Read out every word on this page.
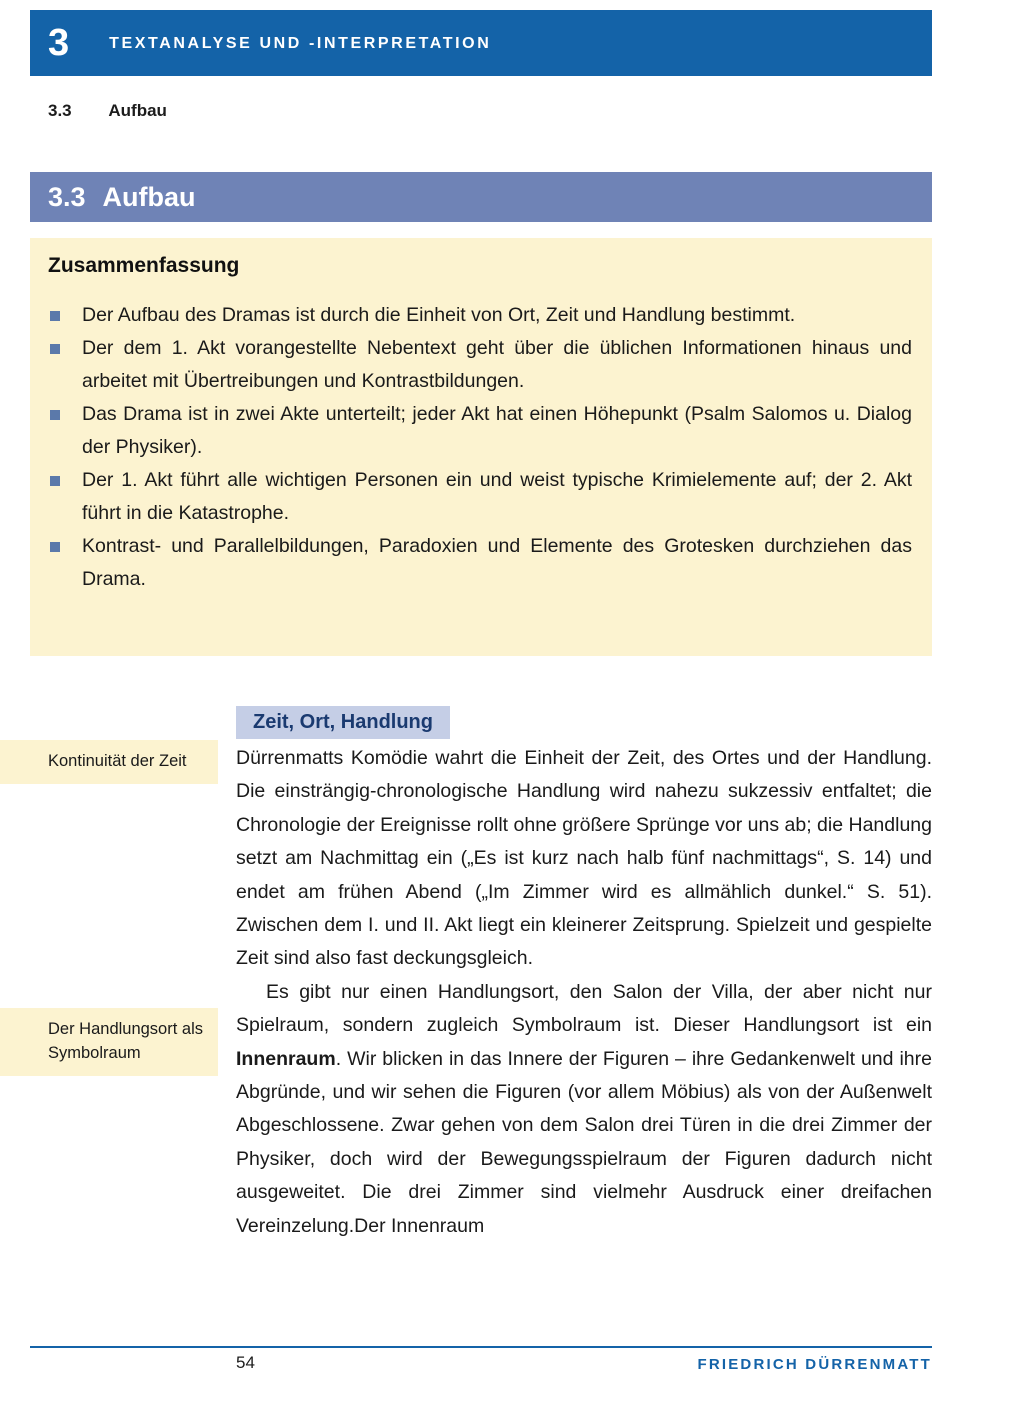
3	TEXTANALYSE UND -INTERPRETATION
3.3 Aufbau
3.3 Aufbau
Zusammenfassung
Der Aufbau des Dramas ist durch die Einheit von Ort, Zeit und Handlung bestimmt.
Der dem 1. Akt vorangestellte Nebentext geht über die üblichen Informationen hinaus und arbeitet mit Übertreibungen und Kontrastbildungen.
Das Drama ist in zwei Akte unterteilt; jeder Akt hat einen Höhepunkt (Psalm Salomos u. Dialog der Physiker).
Der 1. Akt führt alle wichtigen Personen ein und weist typische Krimielemente auf; der 2. Akt führt in die Katastrophe.
Kontrast- und Parallelbildungen, Paradoxien und Elemente des Grotesken durchziehen das Drama.
Zeit, Ort, Handlung
Kontinuität der Zeit
Der Handlungsort als Symbolraum

Dürrenmatts Komödie wahrt die Einheit der Zeit, des Ortes und der Handlung. Die einsträngig-chronologische Handlung wird nahezu sukzessiv entfaltet; die Chronologie der Ereignisse rollt ohne größere Sprünge vor uns ab; die Handlung setzt am Nachmittag ein („Es ist kurz nach halb fünf nachmittags“, S. 14) und endet am frühen Abend („Im Zimmer wird es allmählich dunkel.“ S. 51). Zwischen dem I. und II. Akt liegt ein kleinerer Zeitsprung. Spielzeit und gespielte Zeit sind also fast deckungsgleich.

Es gibt nur einen Handlungsort, den Salon der Villa, der aber nicht nur Spielraum, sondern zugleich Symbolraum ist. Dieser Handlungsort ist ein Innenraum. Wir blicken in das Innere der Figuren – ihre Gedankenwelt und ihre Abgründe, und wir sehen die Figuren (vor allem Möbius) als von der Außenwelt Abgeschlossene. Zwar gehen von dem Salon drei Türen in die drei Zimmer der Physiker, doch wird der Bewegungsspielraum der Figuren dadurch nicht ausgeweitet. Die drei Zimmer sind vielmehr Ausdruck einer dreifachen Vereinzelung.Der Innenraum

54	FRIEDRICH DÜRRENMATT
